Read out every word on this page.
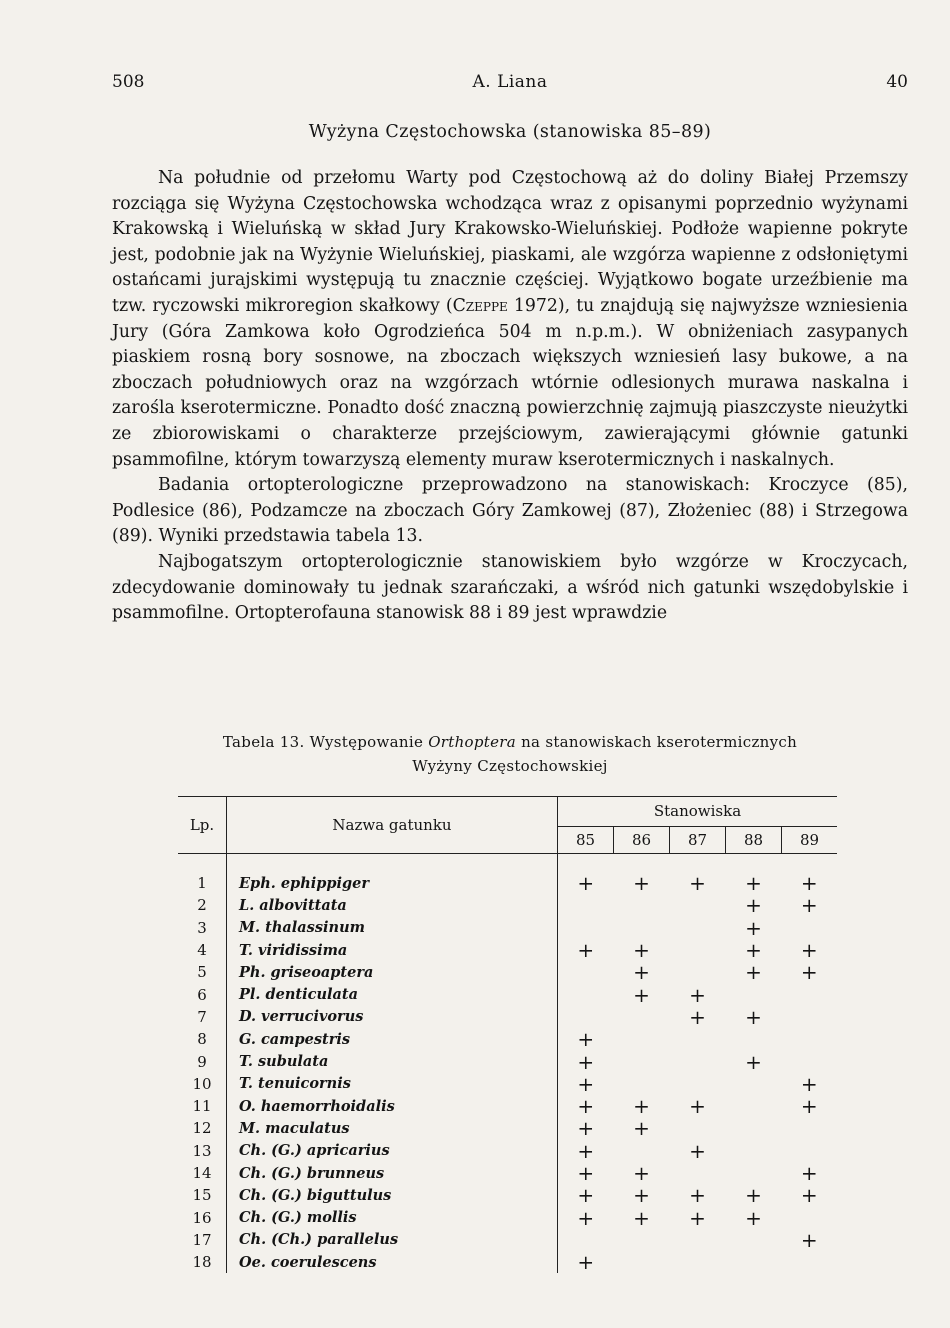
508	A. Liana	40
Wyżyna Częstochowska (stanowiska 85–89)

Na południe od przełomu Warty pod Częstochową aż do doliny Białej Przemszy rozciąga się Wyżyna Częstochowska wchodząca wraz z opisanymi poprzednio wyżynami Krakowską i Wieluńską w skład Jury Krakowsko-Wieluńskiej. Podłoże wapienne pokryte jest, podobnie jak na Wyżynie Wieluńskiej, piaskami, ale wzgórza wapienne z odsłoniętymi ostańcami jurajskimi występują tu znacznie częściej. Wyjątkowo bogate urzeźbienie ma tzw. ryczowski mikroregion skałkowy (Czeppe 1972), tu znajdują się najwyższe wzniesienia Jury (Góra Zamkowa koło Ogrodzieńca 504 m n.p.m.). W obniżeniach zasypanych piaskiem rosną bory sosnowe, na zboczach większych wzniesień lasy bukowe, a na zboczach południowych oraz na wzgórzach wtórnie odlesionych murawa naskalna i zarośla kserotermiczne. Ponadto dość znaczną powierzchnię zajmują piaszczyste nieużytki ze zbiorowiskami o charakterze przejściowym, zawierającymi głównie gatunki psammofilne, którym towarzyszą elementy muraw kserotermicznych i naskalnych.

Badania ortopterologiczne przeprowadzono na stanowiskach: Kroczyce (85), Podlesice (86), Podzamcze na zboczach Góry Zamkowej (87), Złożeniec (88) i Strzegowa (89). Wyniki przedstawia tabela 13.

Najbogatszym ortopterologicznie stanowiskiem było wzgórze w Kroczycach, zdecydowanie dominowały tu jednak szarańczaki, a wśród nich gatunki wszędobylskie i psammofilne. Ortopterofauna stanowisk 88 i 89 jest wprawdzie

Tabela 13. Występowanie Orthoptera na stanowiskach kserotermicznych
Wyżyny Częstochowskiej
Lp.	Nazwa gatunku	Stanowiska				
		85	86	87	88	89

1	Eph. ephippiger	+	+	+	+	+
2	L. albovittata				+	+
3	M. thalassinum				+	
4	T. viridissima	+	+		+	+
5	Ph. griseoaptera		+		+	+
6	Pl. denticulata		+	+		
7	D. verrucivorus			+	+	
8	G. campestris	+				
9	T. subulata	+			+	
10	T. tenuicornis	+				+
11	O. haemorrhoidalis	+	+	+		+
12	M. maculatus	+	+			
13	Ch. (G.) apricarius	+		+		
14	Ch. (G.) brunneus	+	+			+
15	Ch. (G.) biguttulus	+	+	+	+	+
16	Ch. (G.) mollis	+	+	+	+	
17	Ch. (Ch.) parallelus					+
18	Oe. coerulescens	+				
